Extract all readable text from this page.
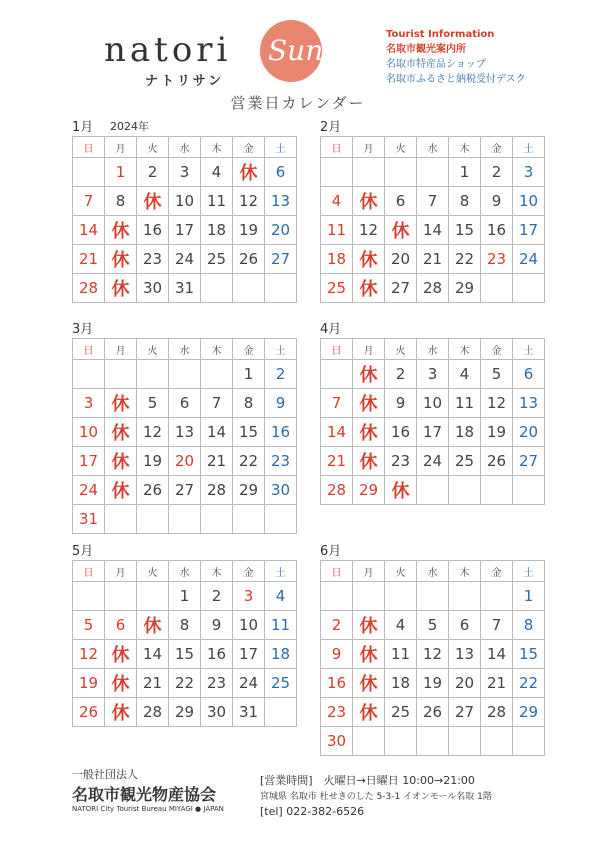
Sun
natori
ナトリサン
Tourist Information
名取市観光案内所
名取市特産品ショップ
名取市ふるさと納税受付デスク
営業日カレンダー
1月 2024年
日	月	火	水	木	金	土
	1	2	3	4	休	6
7	8	休	10	11	12	13
14	休	16	17	18	19	20
21	休	23	24	25	26	27
28	休	30	31			
2月
日	月	火	水	木	金	土
				1	2	3
4	休	6	7	8	9	10
11	12	休	14	15	16	17
18	休	20	21	22	23	24
25	休	27	28	29		
3月
日	月	火	水	木	金	土
					1	2
3	休	5	6	7	8	9
10	休	12	13	14	15	16
17	休	19	20	21	22	23
24	休	26	27	28	29	30
31						
4月
日	月	火	水	木	金	土
	休	2	3	4	5	6
7	休	9	10	11	12	13
14	休	16	17	18	19	20
21	休	23	24	25	26	27
28	29	休				
5月
日	月	火	水	木	金	土
			1	2	3	4
5	6	休	8	9	10	11
12	休	14	15	16	17	18
19	休	21	22	23	24	25
26	休	28	29	30	31	
6月
日	月	火	水	木	金	土
						1
2	休	4	5	6	7	8
9	休	11	12	13	14	15
16	休	18	19	20	21	22
23	休	25	26	27	28	29
30						
一般社団法人
名取市観光物産協会
NATORI City Tourist Bureau MIYAGI ● JAPAN
[営業時間]　火曜日→日曜日 10:00→21:00
宮城県 名取市 杜せきのした 5-3-1 イオンモール名取 1階
[tel] 022-382-6526
